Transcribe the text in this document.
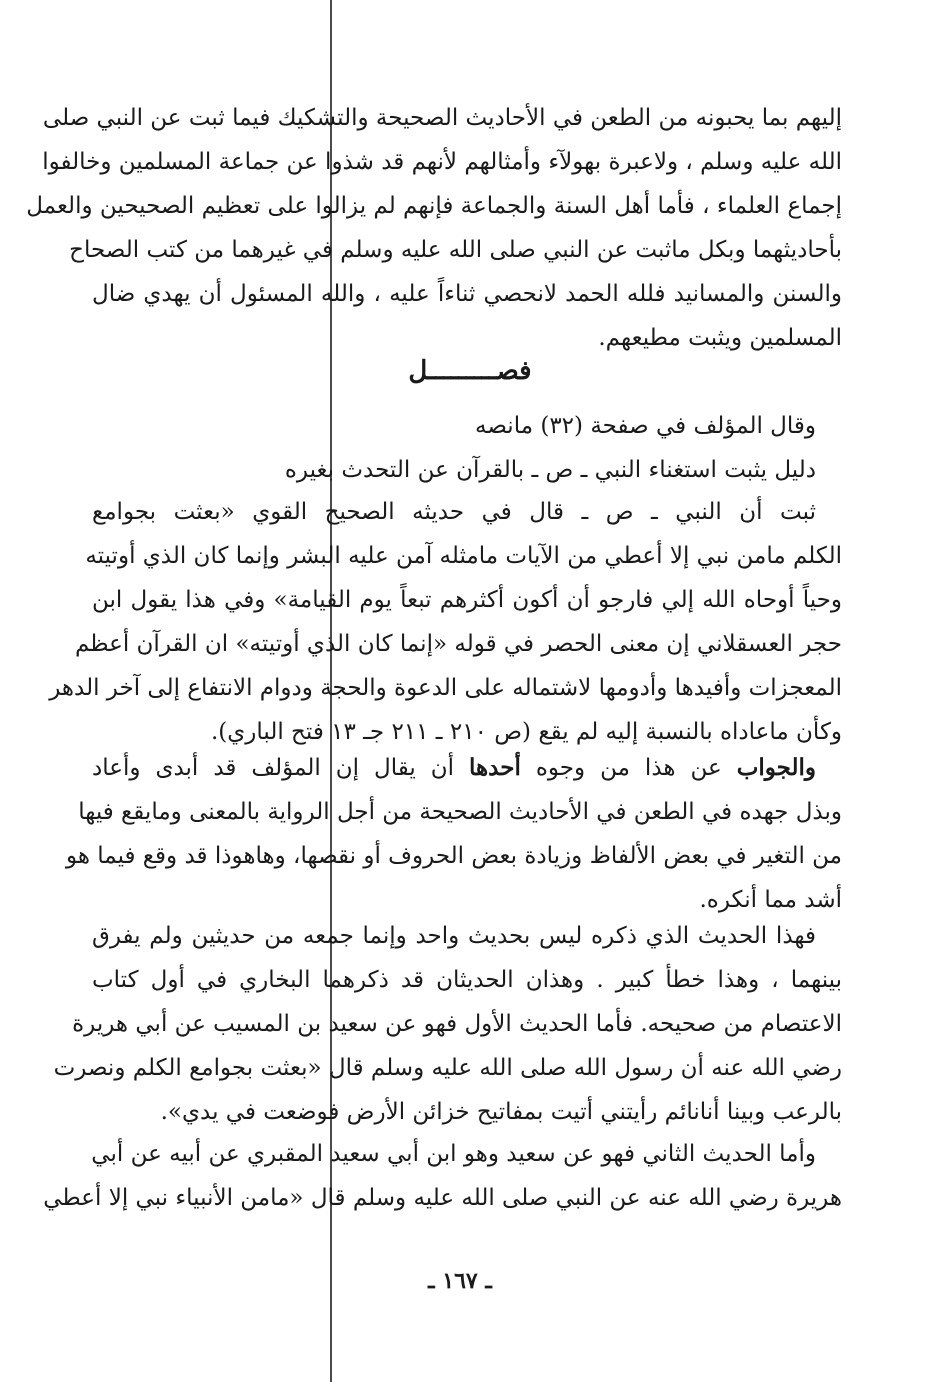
إليهم بما يحبونه من الطعن في الأحاديث الصحيحة والتشكيك فيما ثبت عن النبي صلى
الله عليه وسلم ، ولاعبرة بهولآء وأمثالهم لأنهم قد شذوا عن جماعة المسلمين وخالفوا
إجماع العلماء ، فأما أهل السنة والجماعة فإنهم لم يزالوا على تعظيم الصحيحين والعمل
بأحاديثهما وبكل ماثبت عن النبي صلى الله عليه وسلم في غيرهما من كتب الصحاح
والسنن والمسانيد فلله الحمد لانحصي ثناءاً عليه ، والله المسئول أن يهدي ضال
المسلمين ويثبت مطيعهم.
فصـــــــــل
وقال المؤلف في صفحة (٣٢) مانصه
دليل يثبت استغناء النبي ـ ص ـ بالقرآن عن التحدث بغيره
ثبت أن النبي ـ ص ـ قال في حديثه الصحيح القوي «بعثت بجوامع
الكلم مامن نبي إلا أعطي من الآيات مامثله آمن عليه البشر وإنما كان الذي أوتيته
وحياً أوحاه الله إلي فارجو أن أكون أكثرهم تبعاً يوم القيامة» وفي هذا يقول ابن
حجر العسقلاني إن معنى الحصر في قوله «إنما كان الذي أوتيته» ان القرآن أعظم
المعجزات وأفيدها وأدومها لاشتماله على الدعوة والحجة ودوام الانتفاع إلى آخر الدهر
وكأن ماعاداه بالنسبة إليه لم يقع (ص ٢١٠ ـ ٢١١ جـ ١٣ فتح الباري).
والجواب عن هذا من وجوه أحدها أن يقال إن المؤلف قد أبدى وأعاد
وبذل جهده في الطعن في الأحاديث الصحيحة من أجل الرواية بالمعنى ومايقع فيها
من التغير في بعض الألفاظ وزيادة بعض الحروف أو نقصها، وهاهوذا قد وقع فيما هو
أشد مما أنكره.
فهذا الحديث الذي ذكره ليس بحديث واحد وإنما جمعه من حديثين ولم يفرق
بينهما ، وهذا خطأ كبير . وهذان الحديثان قد ذكرهما البخاري في أول كتاب
الاعتصام من صحيحه. فأما الحديث الأول فهو عن سعيد بن المسيب عن أبي هريرة
رضي الله عنه أن رسول الله صلى الله عليه وسلم قال «بعثت بجوامع الكلم ونصرت
بالرعب وبينا أنانائم رأيتني أتيت بمفاتيح خزائن الأرض فوضعت في يدي».
وأما الحديث الثاني فهو عن سعيد وهو ابن أبي سعيد المقبري عن أبيه عن أبي
هريرة رضي الله عنه عن النبي صلى الله عليه وسلم قال «مامن الأنبياء نبي إلا أعطي
ـ ١٦٧ ـ
